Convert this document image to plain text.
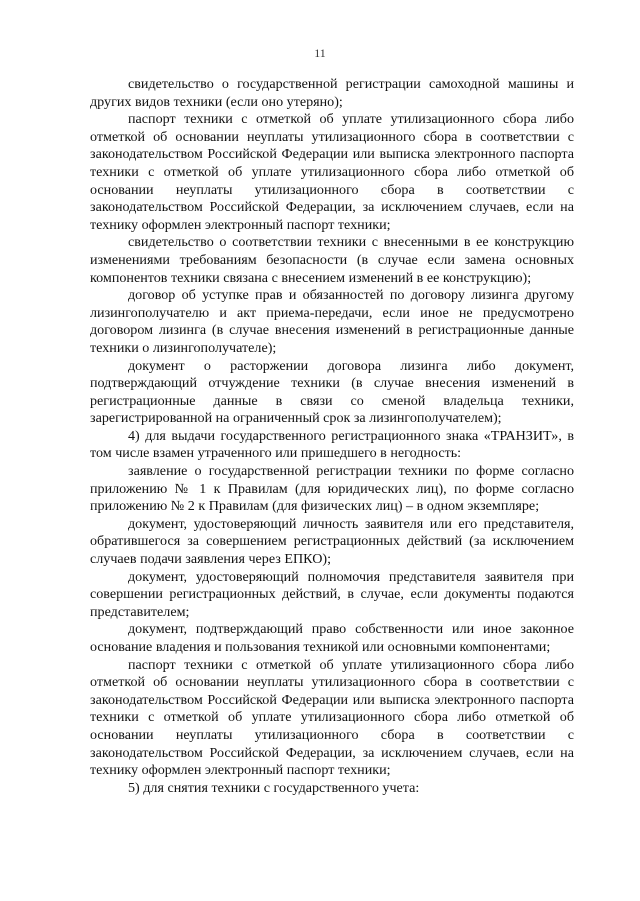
11

свидетельство о государственной регистрации самоходной машины и других видов техники (если оно утеряно);

паспорт техники с отметкой об уплате утилизационного сбора либо отметкой об основании неуплаты утилизационного сбора в соответствии с законодательством Российской Федерации или выписка электронного паспорта техники с отметкой об уплате утилизационного сбора либо отметкой об основании неуплаты утилизационного сбора в соответствии с законодательством Российской Федерации, за исключением случаев, если на технику оформлен электронный паспорт техники;

свидетельство о соответствии техники с внесенными в ее конструкцию изменениями требованиям безопасности (в случае если замена основных компонентов техники связана с внесением изменений в ее конструкцию);

договор об уступке прав и обязанностей по договору лизинга другому лизингополучателю и акт приема-передачи, если иное не предусмотрено договором лизинга (в случае внесения изменений в регистрационные данные техники о лизингополучателе);

документ о расторжении договора лизинга либо документ, подтверждающий отчуждение техники (в случае внесения изменений в регистрационные данные в связи со сменой владельца техники, зарегистрированной на ограниченный срок за лизингополучателем);

4) для выдачи государственного регистрационного знака «ТРАНЗИТ», в том числе взамен утраченного или пришедшего в негодность:

заявление о государственной регистрации техники по форме согласно приложению № 1 к Правилам (для юридических лиц), по форме согласно приложению № 2 к Правилам (для физических лиц) – в одном экземпляре;

документ, удостоверяющий личность заявителя или его представителя, обратившегося за совершением регистрационных действий (за исключением случаев подачи заявления через ЕПКО);

документ, удостоверяющий полномочия представителя заявителя при совершении регистрационных действий, в случае, если документы подаются представителем;

документ, подтверждающий право собственности или иное законное основание владения и пользования техникой или основными компонентами;

паспорт техники с отметкой об уплате утилизационного сбора либо отметкой об основании неуплаты утилизационного сбора в соответствии с законодательством Российской Федерации или выписка электронного паспорта техники с отметкой об уплате утилизационного сбора либо отметкой об основании неуплаты утилизационного сбора в соответствии с законодательством Российской Федерации, за исключением случаев, если на технику оформлен электронный паспорт техники;

5) для снятия техники с государственного учета:
